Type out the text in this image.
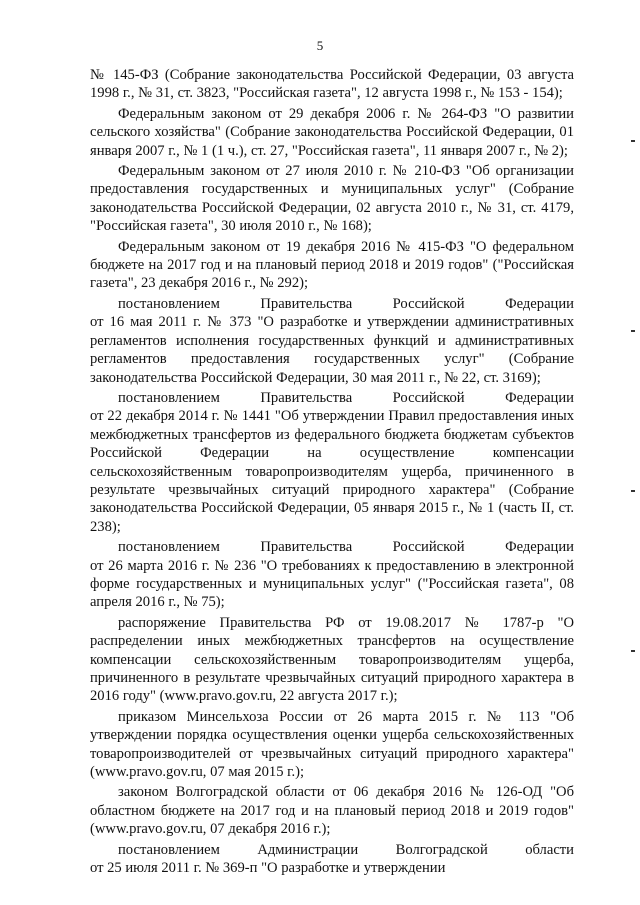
5

№ 145-ФЗ (Собрание законодательства Российской Федерации, 03 августа 1998 г., № 31, ст. 3823, "Российская газета", 12 августа 1998 г., № 153 - 154);

Федеральным законом от 29 декабря 2006 г. № 264-ФЗ "О развитии сельского хозяйства" (Собрание законодательства Российской Федерации, 01 января 2007 г., № 1 (1 ч.), ст. 27, "Российская газета", 11 января 2007 г., № 2);

Федеральным законом от 27 июля 2010 г. № 210-ФЗ "Об организации предоставления государственных и муниципальных услуг" (Собрание законодательства Российской Федерации, 02 августа 2010 г., № 31, ст. 4179, "Российская газета", 30 июля 2010 г., № 168);

Федеральным законом от 19 декабря 2016 № 415-ФЗ "О федеральном бюджете на 2017 год и на плановый период 2018 и 2019 годов" ("Российская газета", 23 декабря 2016 г., № 292);

постановлением	Правительства	Российской	Федерации
от 16 мая 2011 г. № 373 "О разработке и утверждении административных регламентов исполнения государственных функций и административных регламентов предоставления государственных услуг" (Собрание законодательства Российской Федерации, 30 мая 2011 г., № 22, ст. 3169);
постановлением	Правительства	Российской	Федерации
от 22 декабря 2014 г. № 1441 "Об утверждении Правил предоставления иных межбюджетных трансфертов из федерального бюджета бюджетам субъектов Российской Федерации на осуществление компенсации сельскохозяйственным товаропроизводителям ущерба, причиненного в результате чрезвычайных ситуаций природного характера" (Собрание законодательства Российской Федерации, 05 января 2015 г., № 1 (часть II, ст. 238);
постановлением	Правительства	Российской	Федерации
от 26 марта 2016 г. № 236 "О требованиях к предоставлению в электронной форме государственных и муниципальных услуг" ("Российская газета", 08 апреля 2016 г., № 75);

распоряжение Правительства РФ от 19.08.2017 № 1787-р "О распределении иных межбюджетных трансфертов на осуществление компенсации сельскохозяйственным товаропроизводителям ущерба, причиненного в результате чрезвычайных ситуаций природного характера в 2016 году" (www.pravo.gov.ru, 22 августа 2017 г.);

приказом Минсельхоза России от 26 марта 2015 г. № 113 "Об утверждении порядка осуществления оценки ущерба сельскохозяйственных товаропроизводителей от чрезвычайных ситуаций природного характера" (www.pravo.gov.ru, 07 мая 2015 г.);

законом Волгоградской области от 06 декабря 2016 № 126-ОД "Об областном бюджете на 2017 год и на плановый период 2018 и 2019 годов" (www.pravo.gov.ru, 07 декабря 2016 г.);

постановлением	Администрации	Волгоградской	области
от 25 июля 2011 г. № 369-п "О разработке и утверждении
